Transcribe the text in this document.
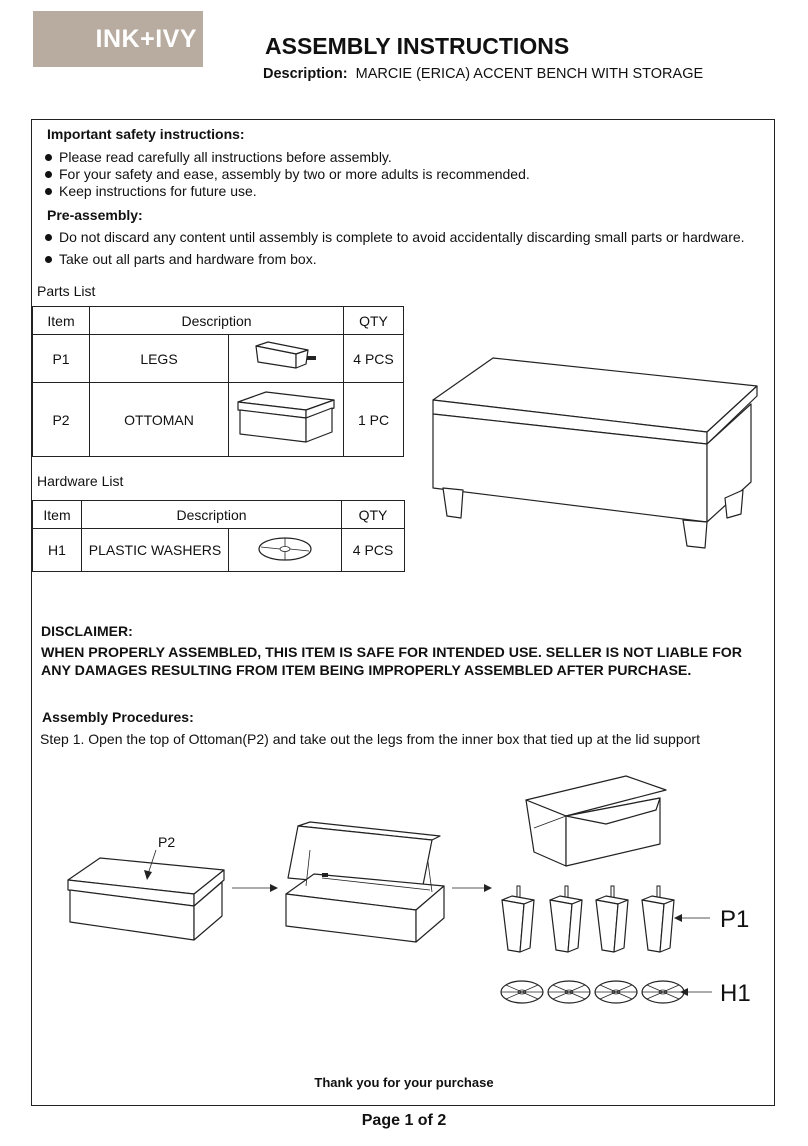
INK+IVY	ASSEMBLY INSTRUCTIONS
Description: MARCIE (ERICA) ACCENT BENCH WITH STORAGE
Important safety instructions:
Please read carefully all instructions before assembly.
For your safety and ease, assembly by two or more adults is recommended.
Keep instructions for future use.
Pre-assembly:
Do not discard any content until assembly is complete to avoid accidentally discarding small parts or hardware.
Take out all parts and hardware from box.
Parts List
Item	Description		QTY
P1	LEGS		4 PCS
P2	OTTOMAN		1 PC
Hardware List
Item	Description		QTY
H1	PLASTIC WASHERS		4 PCS
DISCLAIMER:
WHEN PROPERLY ASSEMBLED, THIS ITEM IS SAFE FOR INTENDED USE. SELLER IS NOT LIABLE FOR
ANY DAMAGES RESULTING FROM ITEM BEING IMPROPERLY ASSEMBLED AFTER PURCHASE.
Assembly Procedures:
Step 1. Open the top of Ottoman(P2) and take out the legs from the inner box that tied up at the lid support
P2
P1
H1
Thank you for your purchase
Page 1 of 2
